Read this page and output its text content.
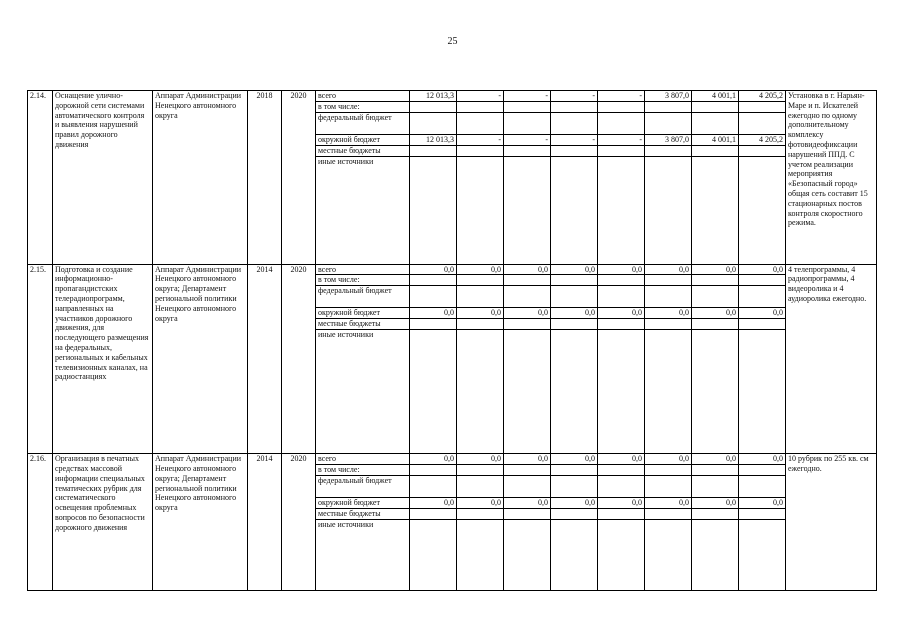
25
2.14.	Оснащение улично-дорожной сети системами автоматического контроля и выявления нарушений правил дорожного движения	Аппарат Администрации Ненецкого автономного округа	2018	2020	всего	12 013,3	-	-	-	-	3 807,0	4 001,1	4 205,2	Установка в г. Нарьян-Маре и п. Искателей ежегодно по одному дополнительному комплексу фотовидеофиксации нарушений ППД. С учетом реализации мероприятия «Безопасный город» общая сеть составит 15 стационарных постов контроля скоростного режима.
					в том числе:									
					федеральный бюджет									
					окружной бюджет	12 013,3	-	-	-	-	3 807,0	4 001,1	4 205,2	
					местные бюджеты									
					иные источники									
2.15.	Подготовка и создание информационно-пропагандистских телерадиопрограмм, направленных на участников дорожного движения, для последующего размещения на федеральных, региональных и кабельных телевизионных каналах, на радиостанциях	Аппарат Администрации Ненецкого автономного округа; Департамент региональной политики Ненецкого автономного округа	2014	2020	всего	0,0	0,0	0,0	0,0	0,0	0,0	0,0	0,0	4 телепрограммы, 4 радиопрограммы, 4 видеоролика и 4 аудиоролика ежегодно.
					в том числе:									
					федеральный бюджет									
					окружной бюджет	0,0	0,0	0,0	0,0	0,0	0,0	0,0	0,0	
					местные бюджеты									
					иные источники									
2.16.	Организация в печатных средствах массовой информации специальных тематических рубрик для систематического освещения проблемных вопросов по безопасности дорожного движения	Аппарат Администрации Ненецкого автономного округа; Департамент региональной политики Ненецкого автономного округа	2014	2020	всего	0,0	0,0	0,0	0,0	0,0	0,0	0,0	0,0	10 рубрик по 255 кв. см ежегодно.
					в том числе:									
					федеральный бюджет									
					окружной бюджет	0,0	0,0	0,0	0,0	0,0	0,0	0,0	0,0	
					местные бюджеты									
					иные источники									
